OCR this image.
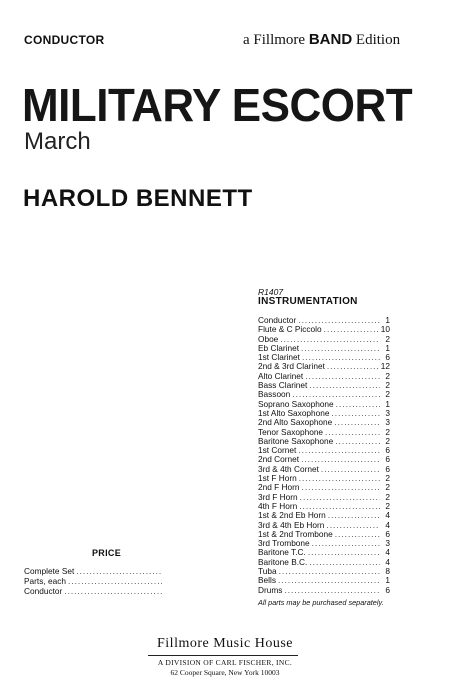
CONDUCTOR	a Fillmore BAND Edition
MILITARY ESCORT
March
HAROLD BENNETT
R1407
INSTRUMENTATION
Conductor .....	1
Flute & C Piccolo .....	10
Oboe .....	2
Eb Clarinet .....	1
1st Clarinet .....	6
2nd & 3rd Clarinet .....	12
Alto Clarinet .....	2
Bass Clarinet .....	2
Bassoon .....	2
Soprano Saxophone .....	1
1st Alto Saxophone .....	3
2nd Alto Saxophone .....	3
Tenor Saxophone .....	2
Baritone Saxophone .....	2
1st Cornet .....	6
2nd Cornet .....	6
3rd & 4th Cornet .....	6
1st F Horn .....	2
2nd F Horn .....	2
3rd F Horn .....	2
4th F Horn .....	2
1st & 2nd Eb Horn .....	4
3rd & 4th Eb Horn .....	4
1st & 2nd Trombone .....	6
3rd Trombone .....	3
Baritone T.C. .....	4
Baritone B.C. .....	4
Tuba .....	8
Bells .....	1
Drums .....	6
All parts may be purchased separately.
PRICE
Complete Set
.....
Parts, each
.....
Conductor
.....
Fillmore Music House
A DIVISION OF CARL FISCHER, INC.
62 Cooper Square, New York 10003
